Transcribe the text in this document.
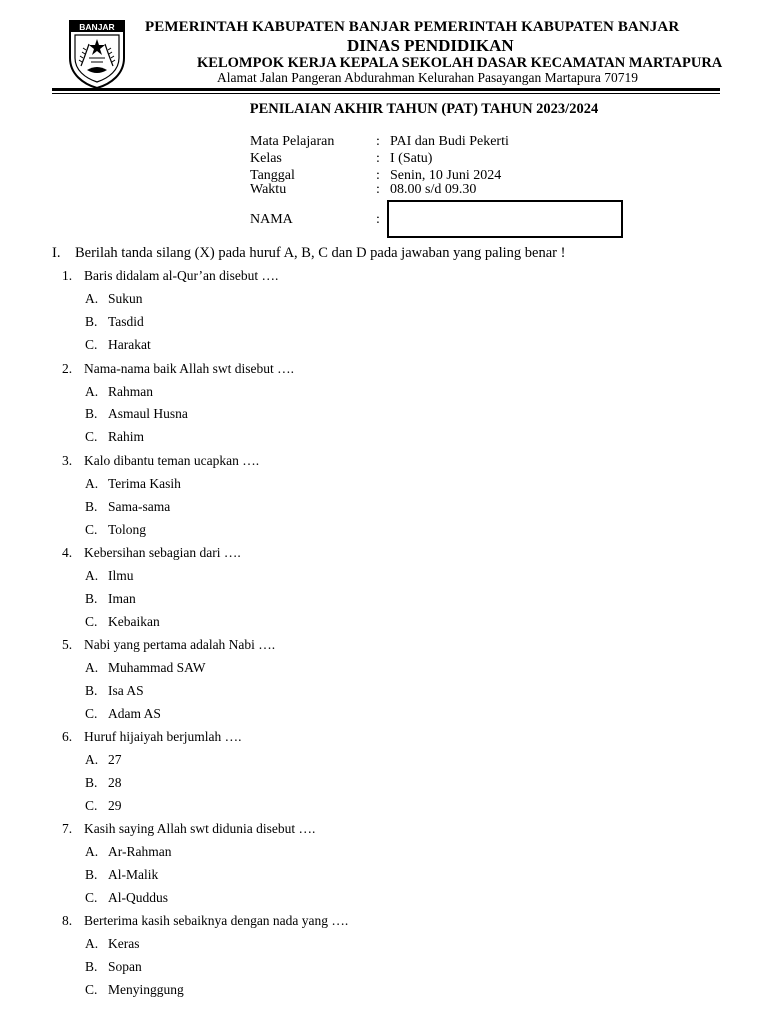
BANJAR PEMERINTAH KABUPATEN BANJAR PEMERINTAH KABUPATEN BANJAR
DINAS PENDIDIKAN
KELOMPOK KERJA KEPALA SEKOLAH DASAR KECAMATAN MARTAPURA
Alamat Jalan Pangeran Abdurahman Kelurahan Pasayangan Martapura 70719
PENILAIAN AKHIR TAHUN (PAT) TAHUN 2023/2024
Mata Pelajaran	: PAI dan Budi Pekerti
Kelas	: I (Satu)
Tanggal	: Senin, 10 Juni 2024
Waktu	: 08.00 s/d 09.30
NAMA	:
I. Berilah tanda silang (X) pada huruf A, B, C dan D pada jawaban yang paling benar !
1. Baris didalam al-Qur’an disebut ….
A. Sukun
B. Tasdid
C. Harakat
2. Nama-nama baik Allah swt disebut ….
A. Rahman
B. Asmaul Husna
C. Rahim
3. Kalo dibantu teman ucapkan ….
A. Terima Kasih
B. Sama-sama
C. Tolong
4. Kebersihan sebagian dari ….
A. Ilmu
B. Iman
C. Kebaikan
5. Nabi yang pertama adalah Nabi ….
A. Muhammad SAW
B. Isa AS
C. Adam AS
6. Huruf hijaiyah berjumlah ….
A. 27
B. 28
C. 29
7. Kasih saying Allah swt didunia disebut ….
A. Ar-Rahman
B. Al-Malik
C. Al-Quddus
8. Berterima kasih sebaiknya dengan nada yang ….
A. Keras
B. Sopan
C. Menyinggung
